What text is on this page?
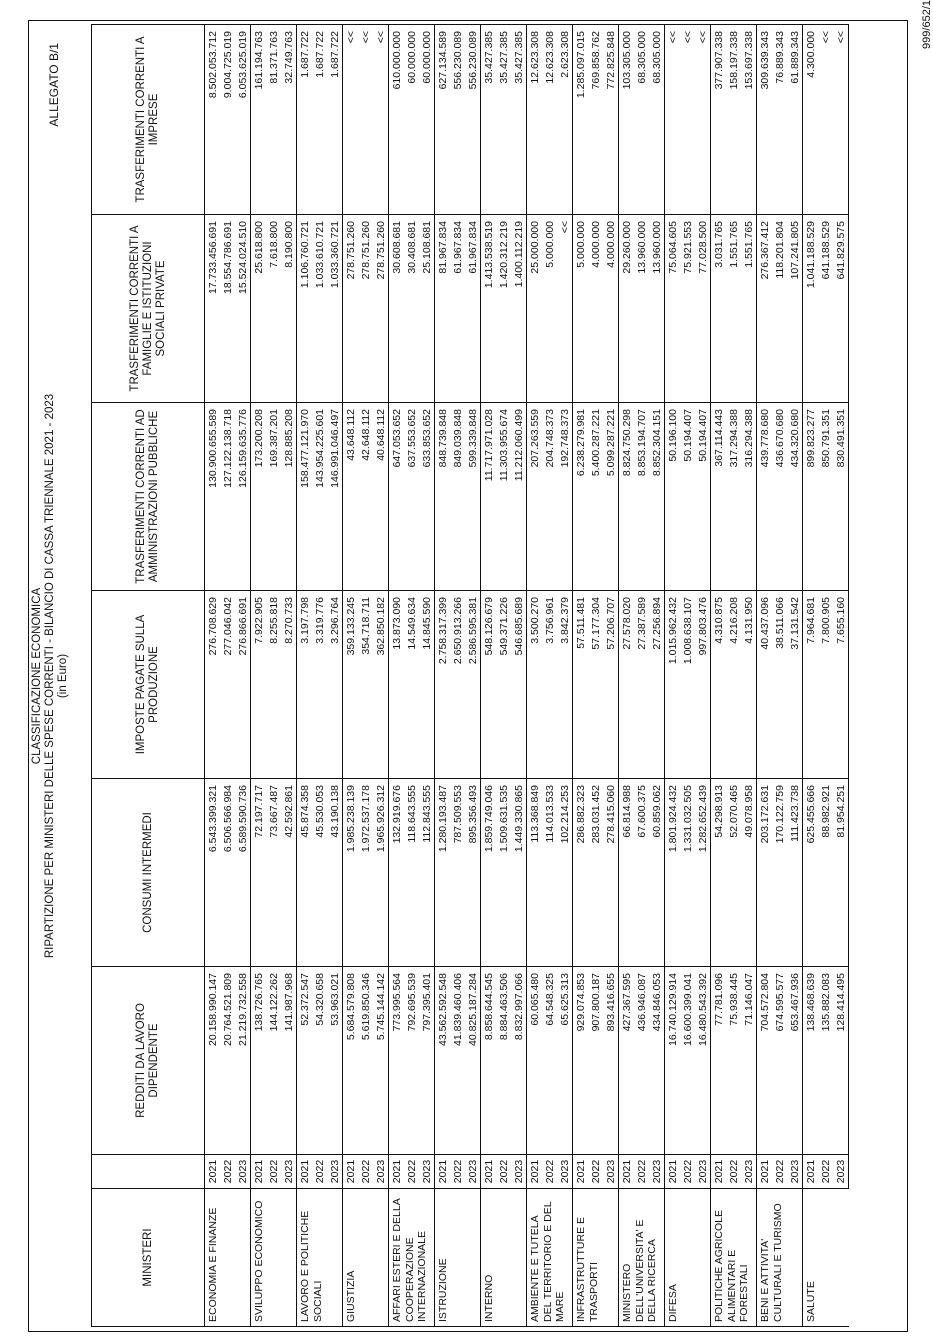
999/652/1
CLASSIFICAZIONE ECONOMICA RIPARTIZIONE PER MINISTERI DELLE SPESE CORRENTI - BILANCIO DI CASSA TRIENNALE 2021 - 2023 (in Euro)
ALLEGATO B/1
MINISTERI		REDDITI DA LAVORO DIPENDENTE	CONSUMI INTERMEDI	IMPOSTE PAGATE SULLA PRODUZIONE	TRASFERIMENTI CORRENTI AD AMMINISTRAZIONI PUBBLICHE	TRASFERIMENTI CORRENTI A FAMIGLIE E ISTITUZIONI SOCIALI PRIVATE	TRASFERIMENTI CORRENTI A IMPRESE
ECONOMIA E FINANZE	2021	20.158.990.147	6.543.399.321	276.708.629	130.900.655.589	17.733.456.691	8.502.053.712
	2022	20.764.521.809	6.506.566.984	277.046.042	127.122.138.718	18.554.786.691	9.004.725.019
	2023	21.219.732.558	6.589.590.736	276.866.691	126.159.635.776	15.524.024.510	6.053.625.019
SVILUPPO ECONOMICO	2021	138.726.765	72.197.717	7.922.905	173.200.208	25.618.800	161.194.763
	2022	144.122.262	73.667.487	8.255.818	169.387.201	7.618.800	81.371.763
	2023	141.987.968	42.592.861	8.270.733	128.885.208	8.190.800	32.749.763
LAVORO E POLITICHE SOCIALI	2021	52.372.547	45.874.358	3.197.798	158.477.121.970	1.106.760.721	1.687.722
	2022	54.320.658	45.530.053	3.319.776	143.954.225.601	1.033.610.721	1.687.722
	2023	53.963.021	43.190.138	3.296.764	146.991.046.497	1.033.360.721	1.687.722
GIUSTIZIA	2021	5.684.579.808	1.985.238.139	359.133.245	43.648.112	278.751.260	<<
	2022	5.619.850.346	1.972.537.178	354.718.711	42.648.112	278.751.260	<<
	2023	5.745.144.142	1.965.926.312	362.850.182	40.648.112	278.751.260	<<
AFFARI ESTERI E DELLA COOPERAZIONE INTERNAZIONALE	2021	773.995.564	132.919.676	13.873.090	647.053.652	30.608.681	610.000.000
	2022	792.695.539	118.643.555	14.549.634	637.553.652	30.408.681	60.000.000
	2023	797.395.401	112.843.555	14.845.590	633.853.652	25.108.681	60.000.000
ISTRUZIONE	2021	43.562.592.548	1.280.193.487	2.758.317.399	848.739.848	81.967.834	627.134.589
	2022	41.839.460.406	787.509.553	2.650.913.266	849.039.848	61.967.834	556.230.089
	2023	40.825.187.284	895.356.493	2.586.595.381	599.339.848	61.967.834	556.230.089
INTERNO	2021	8.858.644.545	1.859.749.046	548.126.679	11.717.971.028	1.413.538.519	35.427.385
	2022	8.884.463.506	1.509.631.535	549.371.226	11.303.955.674	1.420.312.219	35.427.385
	2023	8.832.997.066	1.449.330.865	546.685.689	11.212.060.499	1.400.112.219	35.427.385
AMBIENTE E TUTELA DEL TERRITORIO E DEL MARE	2021	60.065.480	113.368.849	3.500.270	207.263.559	25.000.000	12.623.308
	2022	64.548.325	114.013.533	3.756.961	204.748.373	5.000.000	12.623.308
	2023	65.625.313	102.214.253	3.842.379	192.748.373	<<	2.623.308
INFRASTRUTTURE E TRASPORTI	2021	929.074.853	286.882.323	57.511.481	6.238.279.981	5.000.000	1.285.097.015
	2022	907.800.187	283.031.452	57.177.304	5.400.287.221	4.000.000	769.858.762
	2023	893.416.655	278.415.060	57.206.707	5.099.287.221	4.000.000	772.825.848
MINISTERO DELL'UNIVERSITA' E DELLA RICERCA	2021	427.367.595	66.814.988	27.578.020	8.824.750.298	29.260.000	103.305.000
	2022	436.946.087	67.600.375	27.387.589	8.853.194.707	13.960.000	68.305.000
	2023	434.846.053	60.859.062	27.256.894	8.852.304.151	13.960.000	68.305.000
DIFESA	2021	16.740.129.914	1.801.924.432	1.015.962.432	50.196.100	75.064.605	<<
	2022	16.600.399.041	1.331.032.505	1.008.638.107	50.194.407	75.921.553	<<
	2023	16.480.543.392	1.282.652.439	997.803.476	50.194.407	77.028.500	<<
POLITICHE AGRICOLE ALIMENTARI E FORESTALI	2021	77.781.096	54.298.913	4.310.875	367.114.443	3.031.765	377.907.338
	2022	75.938.445	52.070.465	4.216.208	317.294.388	1.551.765	158.197.338
	2023	71.146.047	49.078.958	4.131.950	316.294.388	1.551.765	153.697.338
BENI E ATTIVITA' CULTURALI E TURISMO	2021	704.572.804	203.172.631	40.437.096	439.778.680	276.367.412	309.639.343
	2022	674.595.577	170.122.759	38.511.066	436.670.680	118.201.804	76.889.343
	2023	653.467.936	111.423.738	37.131.542	434.320.680	107.241.805	61.889.343
SALUTE	2021	138.468.639	625.455.666	7.964.681	899.823.277	1.041.188.529	4.300.000
	2022	135.882.083	88.982.921	7.800.905	850.791.351	641.188.529	<<
	2023	128.414.495	81.954.251	7.655.160	830.491.351	641.829.575	<<
